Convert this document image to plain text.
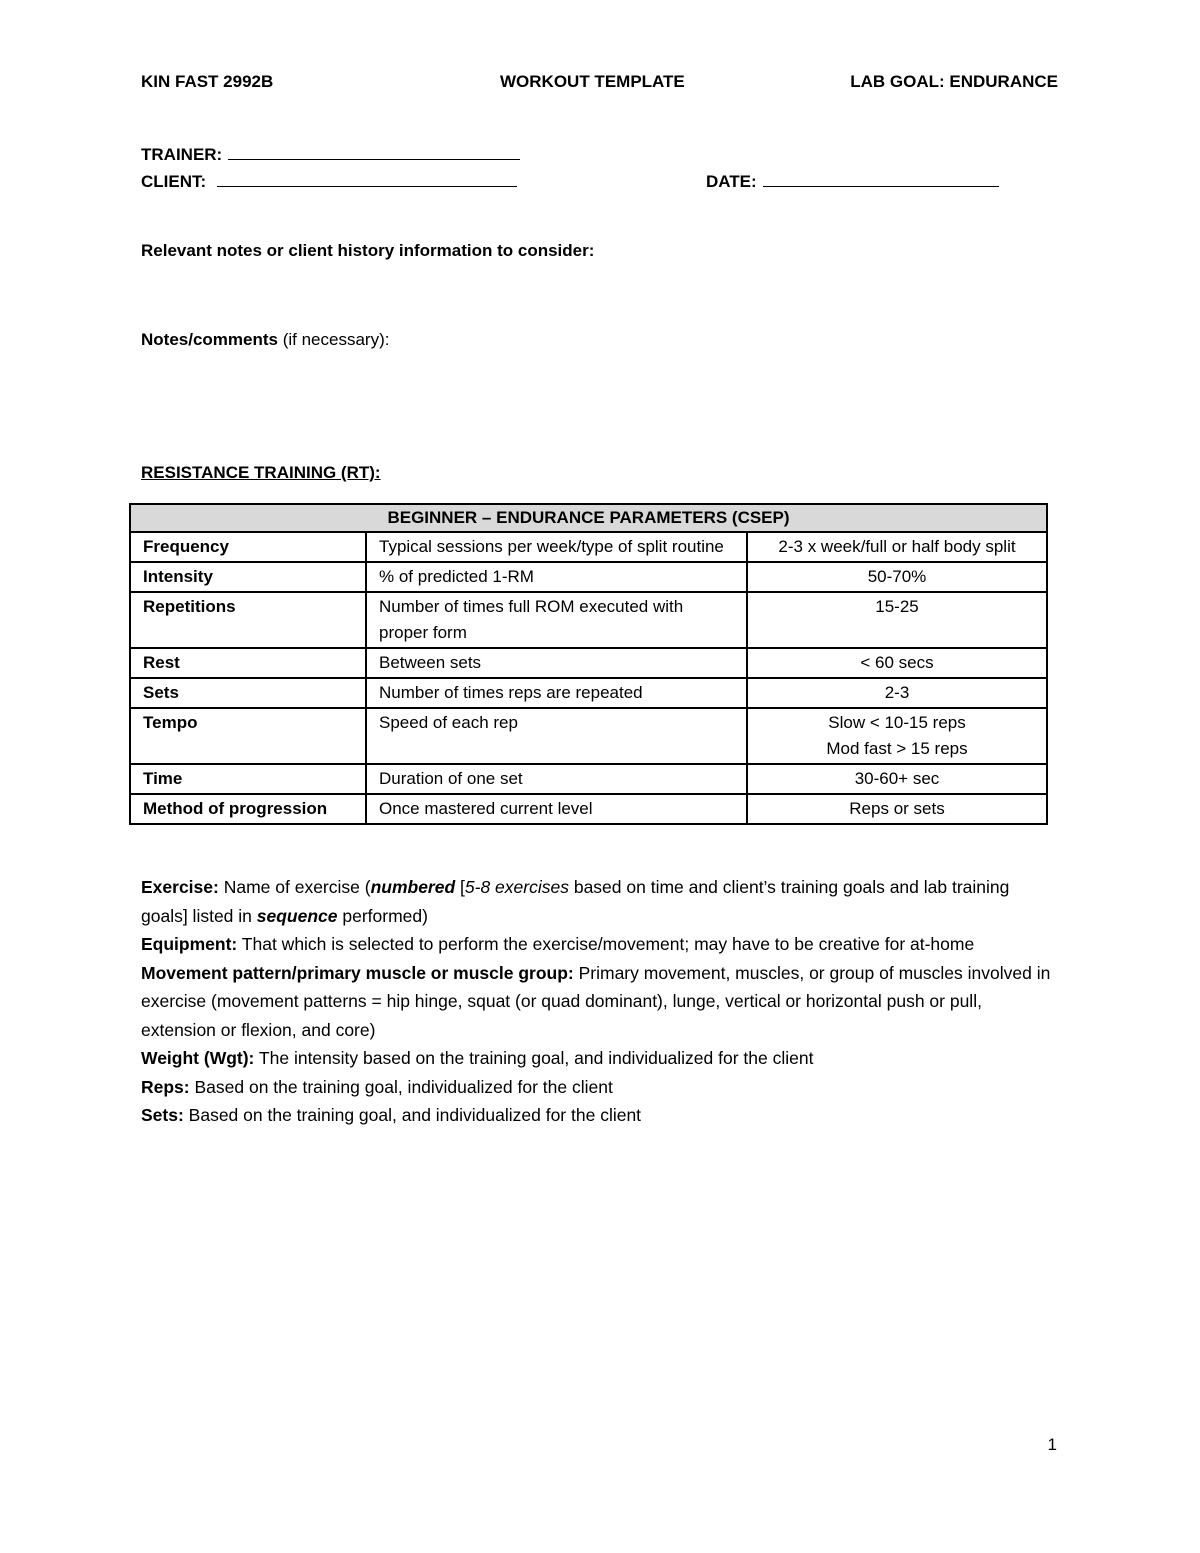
KIN FAST 2992B	WORKOUT TEMPLATE	LAB GOAL: ENDURANCE
TRAINER:
CLIENT:	DATE:
Relevant notes or client history information to consider:
Notes/comments (if necessary):
RESISTANCE TRAINING (RT):
BEGINNER – ENDURANCE PARAMETERS (CSEP)		
Frequency	Typical sessions per week/type of split routine	2-3 x week/full or half body split
Intensity	% of predicted 1-RM	50-70%
Repetitions	Number of times full ROM executed with proper form	15-25
Rest	Between sets	< 60 secs
Sets	Number of times reps are repeated	2-3
Tempo	Speed of each rep	Slow < 10-15 reps
Mod fast > 15 reps

Time	Duration of one set	30-60+ sec
Method of progression	Once mastered current level	Reps or sets

Exercise: Name of exercise (numbered [5-8 exercises based on time and client’s training goals and lab training goals] listed in sequence performed)

Equipment: That which is selected to perform the exercise/movement; may have to be creative for at-home

Movement pattern/primary muscle or muscle group: Primary movement, muscles, or group of muscles involved in exercise (movement patterns = hip hinge, squat (or quad dominant), lunge, vertical or horizontal push or pull, extension or flexion, and core)

Weight (Wgt): The intensity based on the training goal, and individualized for the client

Reps: Based on the training goal, individualized for the client

Sets: Based on the training goal, and individualized for the client

1
